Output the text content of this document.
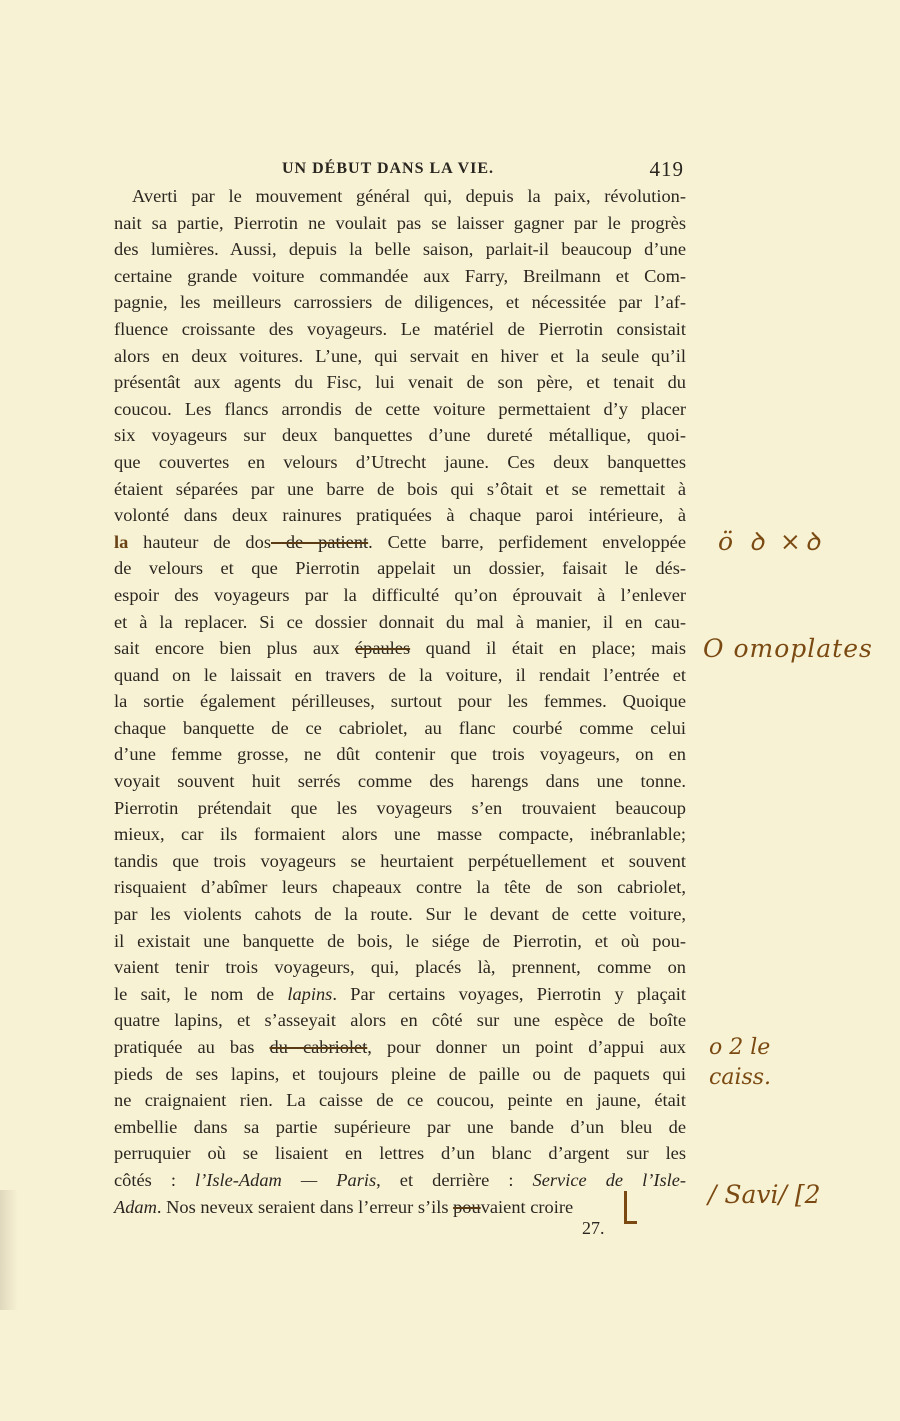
UN DÉBUT DANS LA VIE.	419
Averti par le mouvement général qui, depuis la paix, révolution-
nait sa partie, Pierrotin ne voulait pas se laisser gagner par le progrès
des lumières. Aussi, depuis la belle saison, parlait-il beaucoup d’une
certaine grande voiture commandée aux Farry, Breilmann et Com-
pagnie, les meilleurs carrossiers de diligences, et nécessitée par l’af-
fluence croissante des voyageurs. Le matériel de Pierrotin consistait
alors en deux voitures. L’une, qui servait en hiver et la seule qu’il
présentât aux agents du Fisc, lui venait de son père, et tenait du
coucou. Les flancs arrondis de cette voiture permettaient d’y placer
six voyageurs sur deux banquettes d’une dureté métallique, quoi-
que couvertes en velours d’Utrecht jaune. Ces deux banquettes
étaient séparées par une barre de bois qui s’ôtait et se remettait à
volonté dans deux rainures pratiquées à chaque paroi intérieure, à
la hauteur de dos de patient. Cette barre, perfidement enveloppée
de velours et que Pierrotin appelait un dossier, faisait le dés-
espoir des voyageurs par la difficulté qu’on éprouvait à l’enlever
et à la replacer. Si ce dossier donnait du mal à manier, il en cau-
sait encore bien plus aux épaules quand il était en place; mais
quand on le laissait en travers de la voiture, il rendait l’entrée et
la sortie également périlleuses, surtout pour les femmes. Quoique
chaque banquette de ce cabriolet, au flanc courbé comme celui
d’une femme grosse, ne dût contenir que trois voyageurs, on en
voyait souvent huit serrés comme des harengs dans une tonne.
Pierrotin prétendait que les voyageurs s’en trouvaient beaucoup
mieux, car ils formaient alors une masse compacte, inébranlable;
tandis que trois voyageurs se heurtaient perpétuellement et souvent
risquaient d’abîmer leurs chapeaux contre la tête de son cabriolet,
par les violents cahots de la route. Sur le devant de cette voiture,
il existait une banquette de bois, le siége de Pierrotin, et où pou-
vaient tenir trois voyageurs, qui, placés là, prennent, comme on
le sait, le nom de lapins. Par certains voyages, Pierrotin y plaçait
quatre lapins, et s’asseyait alors en côté sur une espèce de boîte
pratiquée au bas du cabriolet, pour donner un point d’appui aux
pieds de ses lapins, et toujours pleine de paille ou de paquets qui
ne craignaient rien. La caisse de ce coucou, peinte en jaune, était
embellie dans sa partie supérieure par une bande d’un bleu de
perruquier où se lisaient en lettres d’un blanc d’argent sur les
côtés : l’Isle-Adam — Paris, et derrière : Service de l’Isle-
Adam. Nos neveux seraient dans l’erreur s’ils pouvaient croire
27.
ö ꝺ ×ꝺ
O omoplates
o 2 le
caiss.
/ Savi/ [2
